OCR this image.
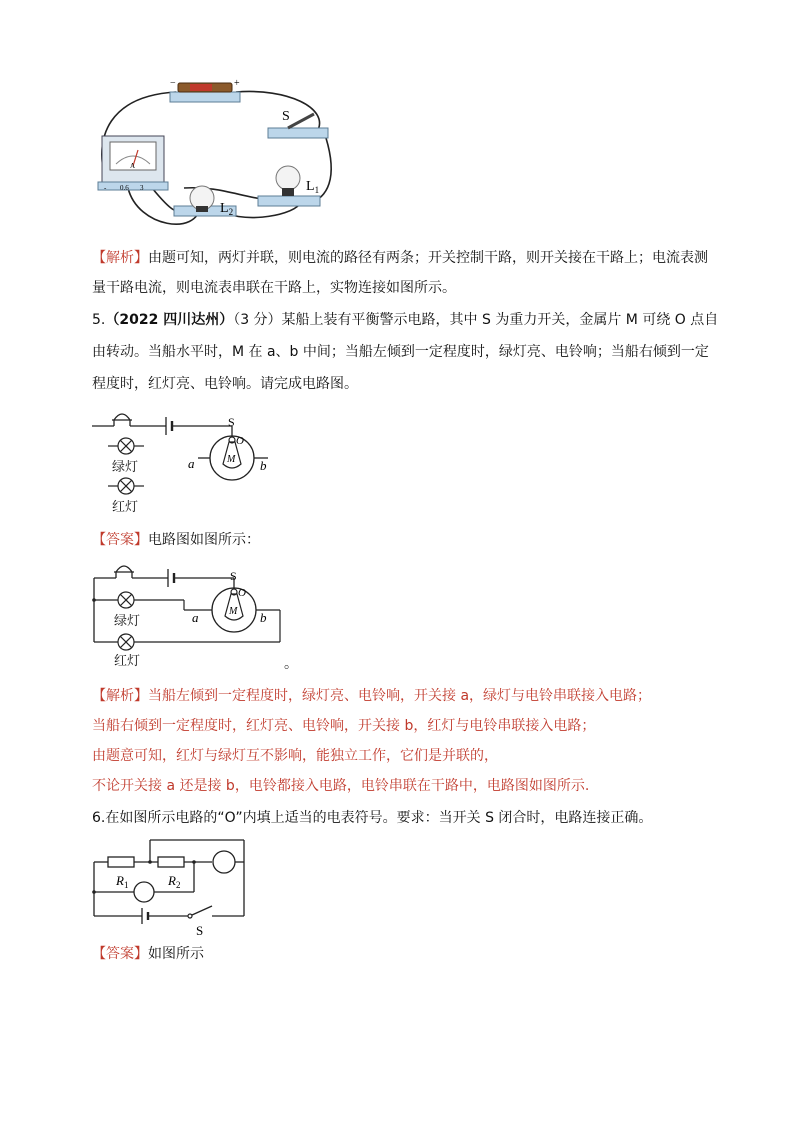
−	+
S
A
- 0.6 3	$L_1$
$L_2$
【解析】由题可知，两灯并联，则电流的路径有两条；开关控制干路，则开关接在干路上；电流表测
量干路电流，则电流表串联在干路上，实物连接如图所示。
5.（2022 四川达州）（3 分）某船上装有平衡警示电路，其中 S 为重力开关，金属片 M 可绕 O 点自
由转动。当船水平时，M 在 a、b 中间；当船左倾到一定程度时，绿灯亮、电铃响；当船右倾到一定
程度时，红灯亮、电铃响。请完成电路图。
S
O
M
a	b
绿灯
红灯
【答案】电路图如图所示：
S
O
M
a	b
绿灯
红灯	。
【解析】当船左倾到一定程度时，绿灯亮、电铃响，开关接 a，绿灯与电铃串联接入电路；
当船右倾到一定程度时，红灯亮、电铃响，开关接 b，红灯与电铃串联接入电路；
由题意可知，红灯与绿灯互不影响，能独立工作，它们是并联的，
不论开关接 a 还是接 b，电铃都接入电路，电铃串联在干路中，电路图如图所示.
6.在如图所示电路的“O”内填上适当的电表符号。要求：当开关 S 闭合时，电路连接正确。
$R_1$	$R_2$
S
【答案】如图所示
